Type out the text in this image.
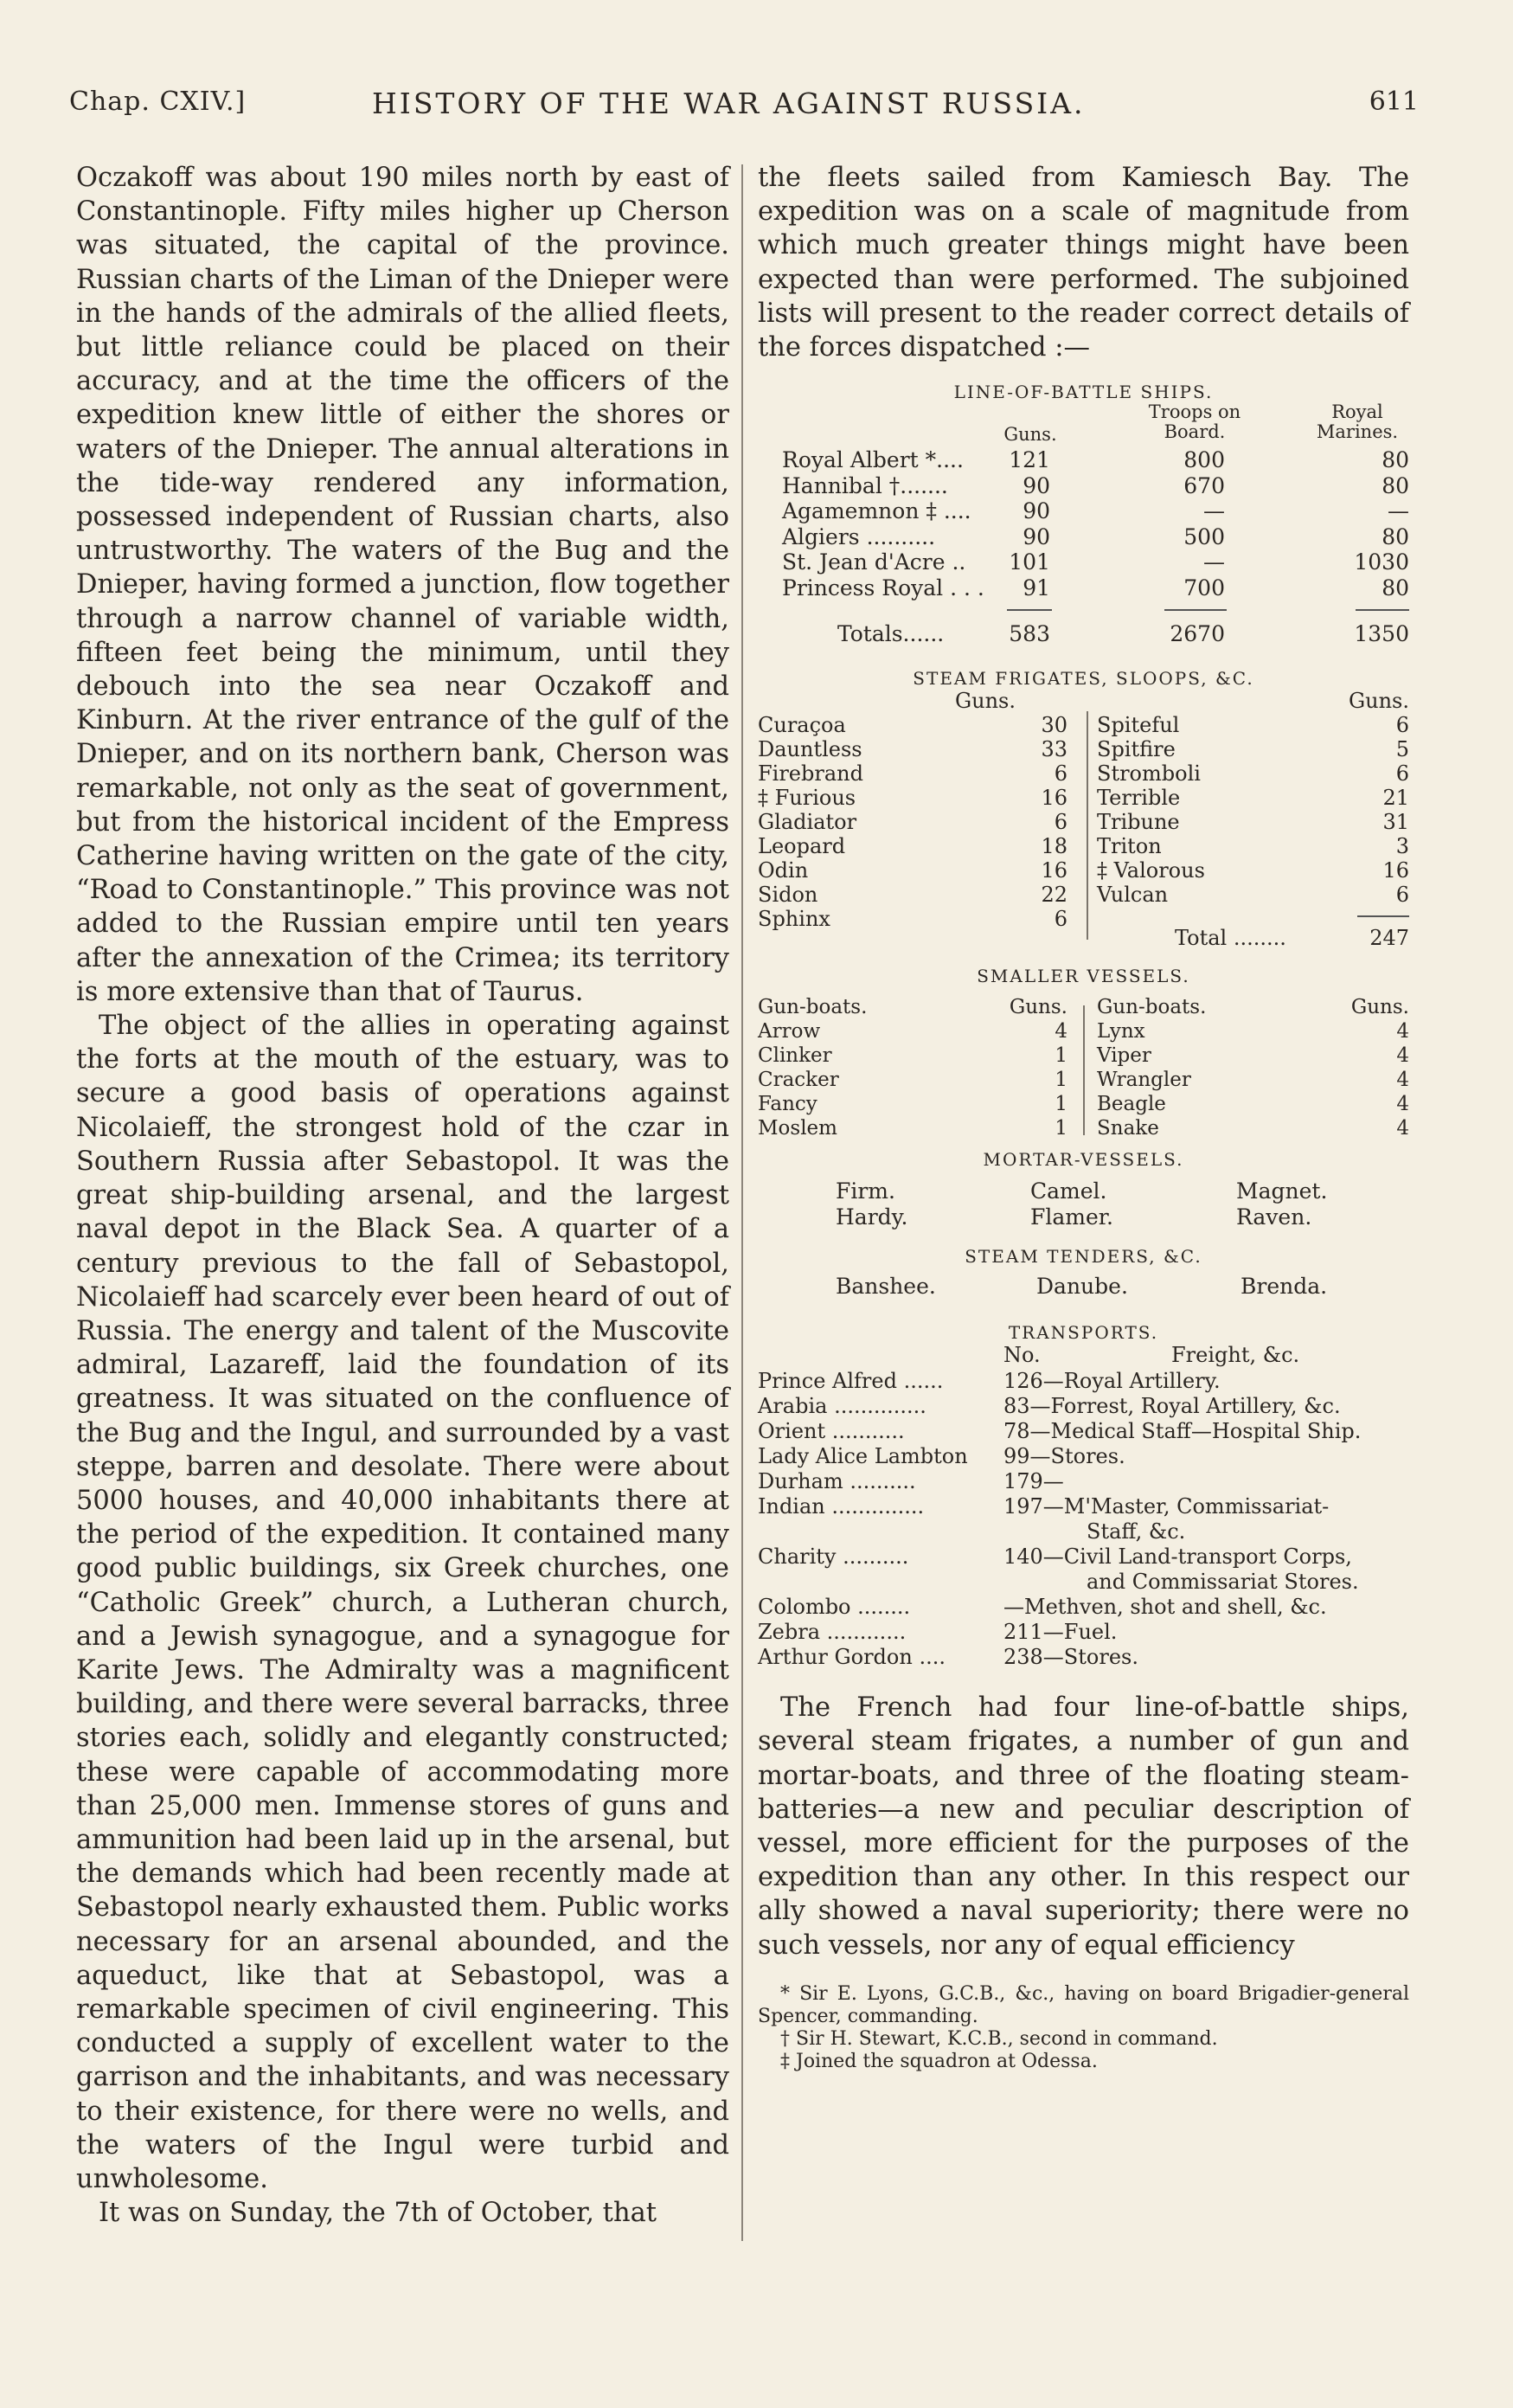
Chap. CXIV.]	HISTORY OF THE WAR AGAINST RUSSIA.	611

Oczakoff was about 190 miles north by east of Constantinople. Fifty miles higher up Cherson was situated, the capital of the province. Russian charts of the Liman of the Dnieper were in the hands of the admirals of the allied fleets, but little reliance could be placed on their accuracy, and at the time the officers of the expedition knew little of either the shores or waters of the Dnieper. The annual alterations in the tide-way rendered any information, possessed independent of Russian charts, also untrustworthy. The waters of the Bug and the Dnieper, having formed a junction, flow together through a narrow channel of variable width, fifteen feet being the minimum, until they debouch into the sea near Oczakoff and Kinburn. At the river entrance of the gulf of the Dnieper, and on its northern bank, Cherson was remarkable, not only as the seat of government, but from the historical incident of the Empress Catherine having written on the gate of the city, “Road to Constantinople.” This province was not added to the Russian empire until ten years after the annexation of the Crimea; its territory is more extensive than that of Taurus.

The object of the allies in operating against the forts at the mouth of the estuary, was to secure a good basis of operations against Nicolaieff, the strongest hold of the czar in Southern Russia after Sebastopol. It was the great ship-building arsenal, and the largest naval depot in the Black Sea. A quarter of a century previous to the fall of Sebastopol, Nicolaieff had scarcely ever been heard of out of Russia. The energy and talent of the Muscovite admiral, Lazareff, laid the foundation of its greatness. It was situated on the confluence of the Bug and the Ingul, and surrounded by a vast steppe, barren and desolate. There were about 5000 houses, and 40,000 inhabitants there at the period of the expedition. It contained many good public buildings, six Greek churches, one “Catholic Greek” church, a Lutheran church, and a Jewish synagogue, and a synagogue for Karite Jews. The Admiralty was a magnificent building, and there were several barracks, three stories each, solidly and elegantly constructed; these were capable of accommodating more than 25,000 men. Immense stores of guns and ammunition had been laid up in the arsenal, but the demands which had been recently made at Sebastopol nearly exhausted them. Public works necessary for an arsenal abounded, and the aqueduct, like that at Sebastopol, was a remarkable specimen of civil engineering. This conducted a supply of excellent water to the garrison and the inhabitants, and was necessary to their existence, for there were no wells, and the waters of the Ingul were turbid and unwholesome.

It was on Sunday, the 7th of October, that

the fleets sailed from Kamiesch Bay. The expedition was on a scale of magnitude from which much greater things might have been expected than were performed. The subjoined lists will present to the reader correct details of the forces dispatched :—

LINE-OF-BATTLE SHIPS.

Guns.
Troops on Board.
Royal Marines.
Royal Albert *.... 121	800	80
Hannibal †.......	90	670	80
Agamemnon ‡ ....	90	—	—
Algiers ..........	90	500	80
St. Jean d'Acre .. 101	—	1030
Princess Royal . . .	91	700	80
Totals......	583	2670	1350

STEAM FRIGATES, SLOOPS, &C.

Guns.
Curaçoa	30
Dauntless	33
Firebrand	6
‡ Furious	16
Gladiator	6
Leopard	18
Odin	16
Sidon	22
Sphinx	6
Guns.
Spiteful	6
Spitfire	5
Stromboli	6
Terrible	21
Tribune	31
Triton	3
‡ Valorous	16
Vulcan	6
Total ........	247

SMALLER VESSELS.

Gun-boats.	Guns.
Arrow	4
Clinker	1
Cracker	1
Fancy	1
Moslem	1
Gun-boats.	Guns.
Lynx	4
Viper	4
Wrangler	4
Beagle	4
Snake	4

MORTAR-VESSELS.

Firm.	Camel.	Magnet.
Hardy.	Flamer.	Raven.

STEAM TENDERS, &C.

Banshee.	Danube.	Brenda.

TRANSPORTS.

No.	Freight, &c.
Prince Alfred ......	126—Royal Artillery.
Arabia ..............	83—Forrest, Royal Artillery, &c.
Orient ...........	78—Medical Staff—Hospital Ship.
Lady Alice Lambton 99—Stores.
Durham ..........	179—
Indian ..............	197—M'Master, Commissariat-
Staff, &c.
Charity ..........	140—Civil Land-transport Corps,
and Commissariat Stores.
Colombo ........	—Methven, shot and shell, &c.
Zebra ............	211—Fuel.
Arthur Gordon ....	238—Stores.

The French had four line-of-battle ships, several steam frigates, a number of gun and mortar-boats, and three of the floating steam-batteries—a new and peculiar description of vessel, more efficient for the purposes of the expedition than any other. In this respect our ally showed a naval superiority; there were no such vessels, nor any of equal efficiency

* Sir E. Lyons, G.C.B., &c., having on board Brigadier-general Spencer, commanding.

† Sir H. Stewart, K.C.B., second in command.

‡ Joined the squadron at Odessa.
